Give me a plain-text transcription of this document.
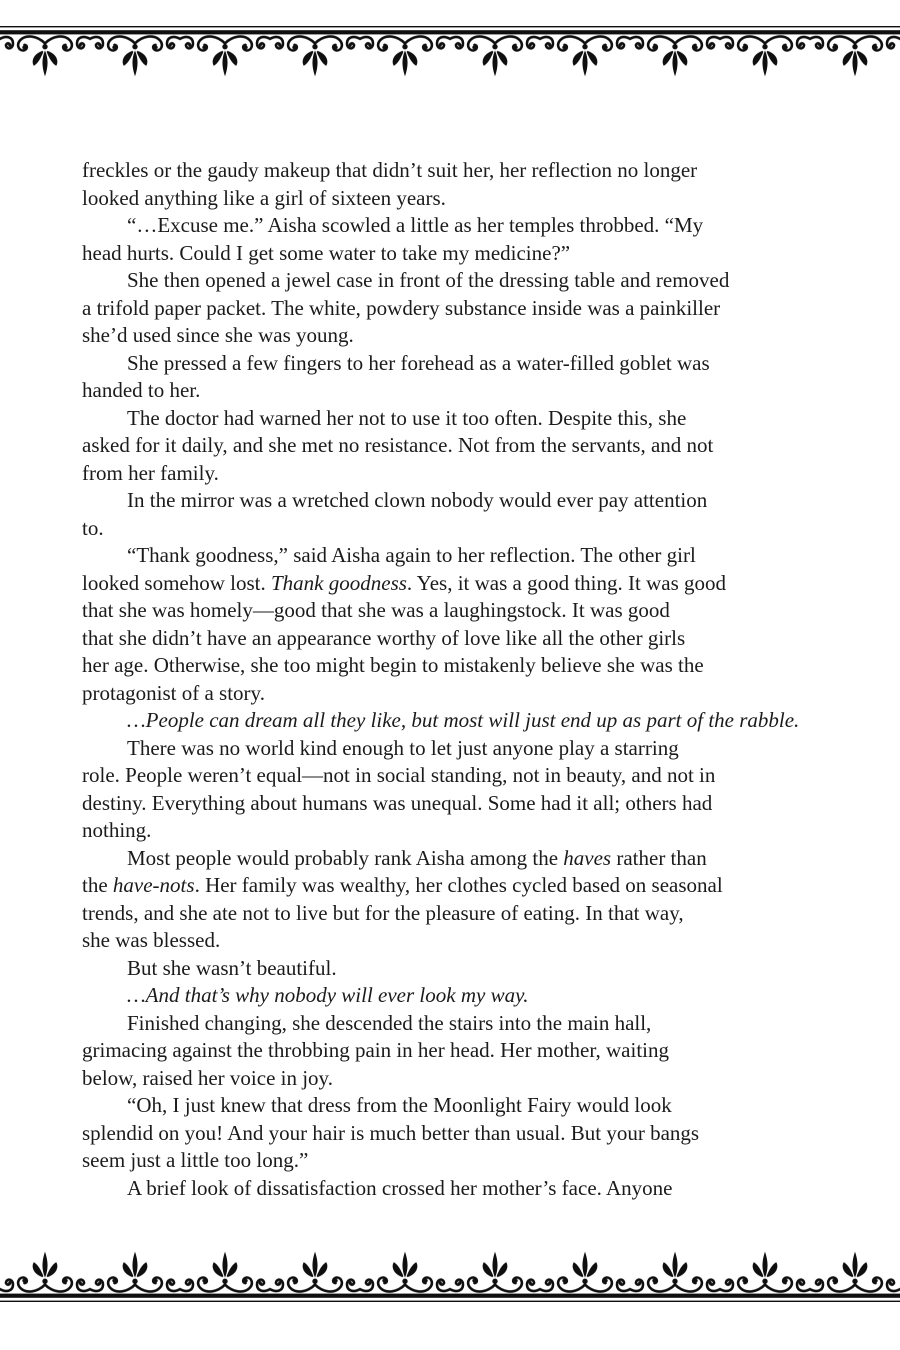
freckles or the gaudy makeup that didn’t suit her, her reflection no longer
looked anything like a girl of sixteen years.
“…Excuse me.” Aisha scowled a little as her temples throbbed. “My
head hurts. Could I get some water to take my medicine?”
She then opened a jewel case in front of the dressing table and removed
a trifold paper packet. The white, powdery substance inside was a painkiller
she’d used since she was young.
She pressed a few fingers to her forehead as a water-filled goblet was
handed to her.
The doctor had warned her not to use it too often. Despite this, she
asked for it daily, and she met no resistance. Not from the servants, and not
from her family.
In the mirror was a wretched clown nobody would ever pay attention
to.
“Thank goodness,” said Aisha again to her reflection. The other girl
looked somehow lost. Thank goodness. Yes, it was a good thing. It was good
that she was homely—good that she was a laughingstock. It was good
that she didn’t have an appearance worthy of love like all the other girls
her age. Otherwise, she too might begin to mistakenly believe she was the
protagonist of a story.
…People can dream all they like, but most will just end up as part of the rabble.
There was no world kind enough to let just anyone play a starring
role. People weren’t equal—not in social standing, not in beauty, and not in
destiny. Everything about humans was unequal. Some had it all; others had
nothing.
Most people would probably rank Aisha among the haves rather than
the have-nots. Her family was wealthy, her clothes cycled based on seasonal
trends, and she ate not to live but for the pleasure of eating. In that way,
she was blessed.
But she wasn’t beautiful.
…And that’s why nobody will ever look my way.
Finished changing, she descended the stairs into the main hall,
grimacing against the throbbing pain in her head. Her mother, waiting
below, raised her voice in joy.
“Oh, I just knew that dress from the Moonlight Fairy would look
splendid on you! And your hair is much better than usual. But your bangs
seem just a little too long.”
A brief look of dissatisfaction crossed her mother’s face. Anyone
